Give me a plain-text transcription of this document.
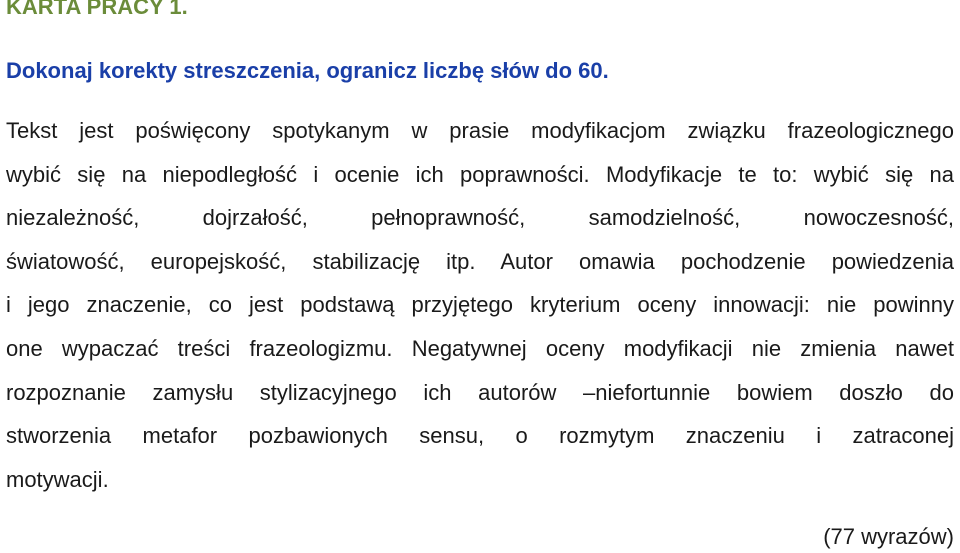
KARTA PRACY 1.
Dokonaj korekty streszczenia, ogranicz liczbę słów do 60.
Tekst jest poświęcony spotykanym w prasie modyfikacjom związku frazeologicznego
wybić się na niepodległość i ocenie ich poprawności. Modyfikacje te to: wybić się na
niezależność, dojrzałość, pełnoprawność, samodzielność, nowoczesność,
światowość, europejskość, stabilizację itp. Autor omawia pochodzenie powiedzenia
i jego znaczenie, co jest podstawą przyjętego kryterium oceny innowacji: nie powinny
one wypaczać treści frazeologizmu. Negatywnej oceny modyfikacji nie zmienia nawet
rozpoznanie zamysłu stylizacyjnego ich autorów –niefortunnie bowiem doszło do
stworzenia metafor pozbawionych sensu, o rozmytym znaczeniu i zatraconej
motywacji.
(77 wyrazów)
